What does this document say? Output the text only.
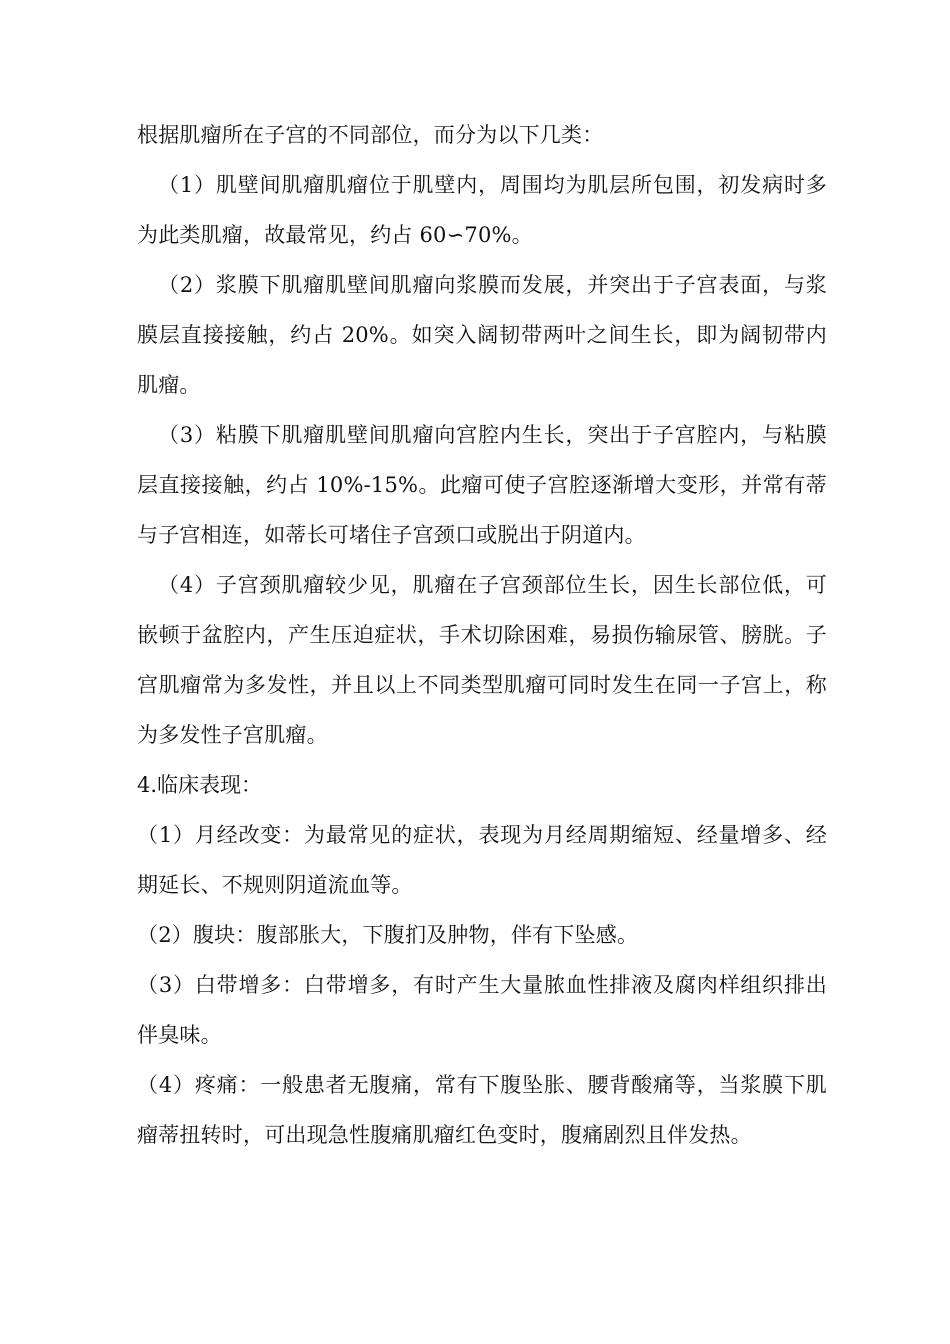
根据肌瘤所在子宫的不同部位，而分为以下几类：

（1）肌壁间肌瘤肌瘤位于肌壁内，周围均为肌层所包围，初发病时多为此类肌瘤，故最常见，约占 60∽70%。

（2）浆膜下肌瘤肌壁间肌瘤向浆膜而发展，并突出于子宫表面，与浆膜层直接接触，约占 20%。如突入阔韧带两叶之间生长，即为阔韧带内肌瘤。

（3）粘膜下肌瘤肌壁间肌瘤向宫腔内生长，突出于子宫腔内，与粘膜层直接接触，约占 10%-15%。此瘤可使子宫腔逐渐增大变形，并常有蒂与子宫相连，如蒂长可堵住子宫颈口或脱出于阴道内。

（4）子宫颈肌瘤较少见，肌瘤在子宫颈部位生长，因生长部位低，可嵌顿于盆腔内，产生压迫症状，手术切除困难，易损伤输尿管、膀胱。子宫肌瘤常为多发性，并且以上不同类型肌瘤可同时发生在同一子宫上，称为多发性子宫肌瘤。

4.临床表现：

（1）月经改变：为最常见的症状，表现为月经周期缩短、经量增多、经期延长、不规则阴道流血等。

（2）腹块：腹部胀大，下腹扪及肿物，伴有下坠感。

（3）白带增多：白带增多，有时产生大量脓血性排液及腐肉样组织排出伴臭味。

（4）疼痛：一般患者无腹痛，常有下腹坠胀、腰背酸痛等，当浆膜下肌瘤蒂扭转时，可出现急性腹痛肌瘤红色变时，腹痛剧烈且伴发热。
